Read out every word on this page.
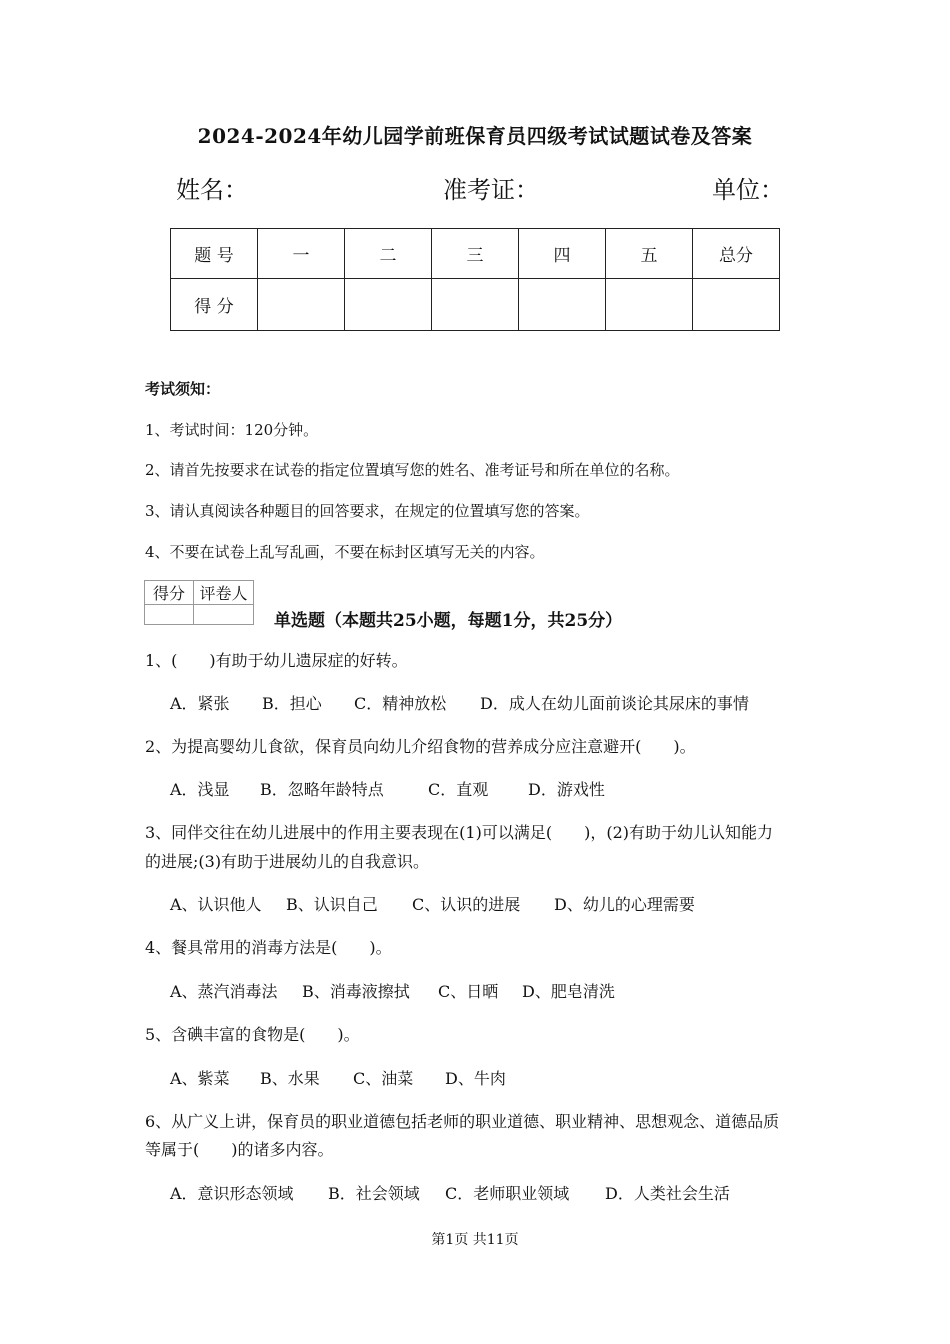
2024-2024年幼儿园学前班保育员四级考试试题试卷及答案
姓名：	准考证：	单位：
题 号	一	二	三	四	五	总分
得 分						
考试须知：
1、考试时间：120分钟。
2、请首先按要求在试卷的指定位置填写您的姓名、准考证号和所在单位的名称。
3、请认真阅读各种题目的回答要求，在规定的位置填写您的答案。
4、不要在试卷上乱写乱画，不要在标封区填写无关的内容。
得分	评卷人

单选题（本题共25小题，每题1分，共25分）
1、(　　)有助于幼儿遗尿症的好转。
A．紧张 B．担心 C．精神放松 D．成人在幼儿面前谈论其尿床的事情
2、为提高婴幼儿食欲，保育员向幼儿介绍食物的营养成分应注意避开(　　)。
A．浅显 B．忽略年龄特点	C．直观 D．游戏性
3、同伴交往在幼儿进展中的作用主要表现在(1)可以满足(　　)，(2)有助于幼儿认知能力
的进展;(3)有助于进展幼儿的自我意识。
A、认识他人 B、认识自己 C、认识的进展 D、幼儿的心理需要
4、餐具常用的消毒方法是(　　)。
A、蒸汽消毒法 B、消毒液擦拭 C、日晒 D、肥皂清洗
5、含碘丰富的食物是(　　)。
A、紫菜 B、水果 C、油菜 D、牛肉
6、从广义上讲，保育员的职业道德包括老师的职业道德、职业精神、思想观念、道德品质
等属于(　　)的诸多内容。
A．意识形态领域 B．社会领域 C．老师职业领域 D．人类社会生活
第1页 共11页
